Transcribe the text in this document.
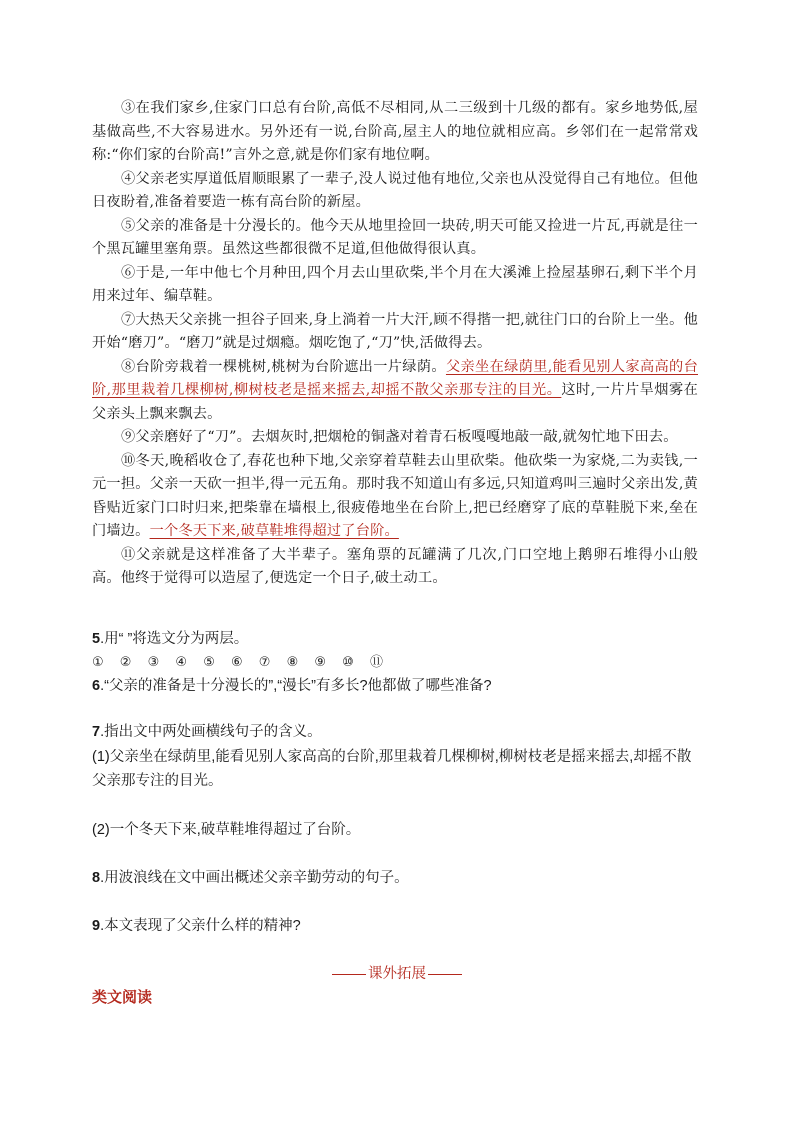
③在我们家乡,住家门口总有台阶,高低不尽相同,从二三级到十几级的都有。家乡地势低,屋基做高些,不大容易进水。另外还有一说,台阶高,屋主人的地位就相应高。乡邻们在一起常常戏称:“你们家的台阶高!”言外之意,就是你们家有地位啊。

④父亲老实厚道低眉顺眼累了一辈子,没人说过他有地位,父亲也从没觉得自己有地位。但他日夜盼着,准备着要造一栋有高台阶的新屋。

⑤父亲的准备是十分漫长的。他今天从地里捡回一块砖,明天可能又捡进一片瓦,再就是往一个黑瓦罐里塞角票。虽然这些都很微不足道,但他做得很认真。

⑥于是,一年中他七个月种田,四个月去山里砍柴,半个月在大溪滩上捡屋基卵石,剩下半个月用来过年、编草鞋。

⑦大热天父亲挑一担谷子回来,身上淌着一片大汗,顾不得揩一把,就往门口的台阶上一坐。他开始“磨刀”。“磨刀”就是过烟瘾。烟吃饱了,“刀”快,活做得去。

⑧台阶旁栽着一棵桃树,桃树为台阶遮出一片绿荫。父亲坐在绿荫里,能看见别人家高高的台阶,那里栽着几棵柳树,柳树枝老是摇来摇去,却摇不散父亲那专注的目光。这时,一片片旱烟雾在父亲头上飘来飘去。

⑨父亲磨好了“刀”。去烟灰时,把烟枪的铜盏对着青石板嘎嘎地敲一敲,就匆忙地下田去。

⑩冬天,晚稻收仓了,春花也种下地,父亲穿着草鞋去山里砍柴。他砍柴一为家烧,二为卖钱,一元一担。父亲一天砍一担半,得一元五角。那时我不知道山有多远,只知道鸡叫三遍时父亲出发,黄昏贴近家门口时归来,把柴靠在墙根上,很疲倦地坐在台阶上,把已经磨穿了底的草鞋脱下来,垒在门墙边。一个冬天下来,破草鞋堆得超过了台阶。

⑪父亲就是这样准备了大半辈子。塞角票的瓦罐满了几次,门口空地上鹅卵石堆得小山般高。他终于觉得可以造屋了,便选定一个日子,破土动工。

5.用“ ”将选文分为两层。
① ② ③ ④ ⑤ ⑥ ⑦ ⑧ ⑨ ⑩ ⑪
6.“父亲的准备是十分漫长的”,“漫长”有多长?他都做了哪些准备?
7.指出文中两处画横线句子的含义。
(1)父亲坐在绿荫里,能看见别人家高高的台阶,那里栽着几棵柳树,柳树枝老是摇来摇去,却摇不散父亲那专注的目光。
(2)一个冬天下来,破草鞋堆得超过了台阶。
8.用波浪线在文中画出概述父亲辛勤劳动的句子。
9.本文表现了父亲什么样的精神?
课外拓展
类文阅读
